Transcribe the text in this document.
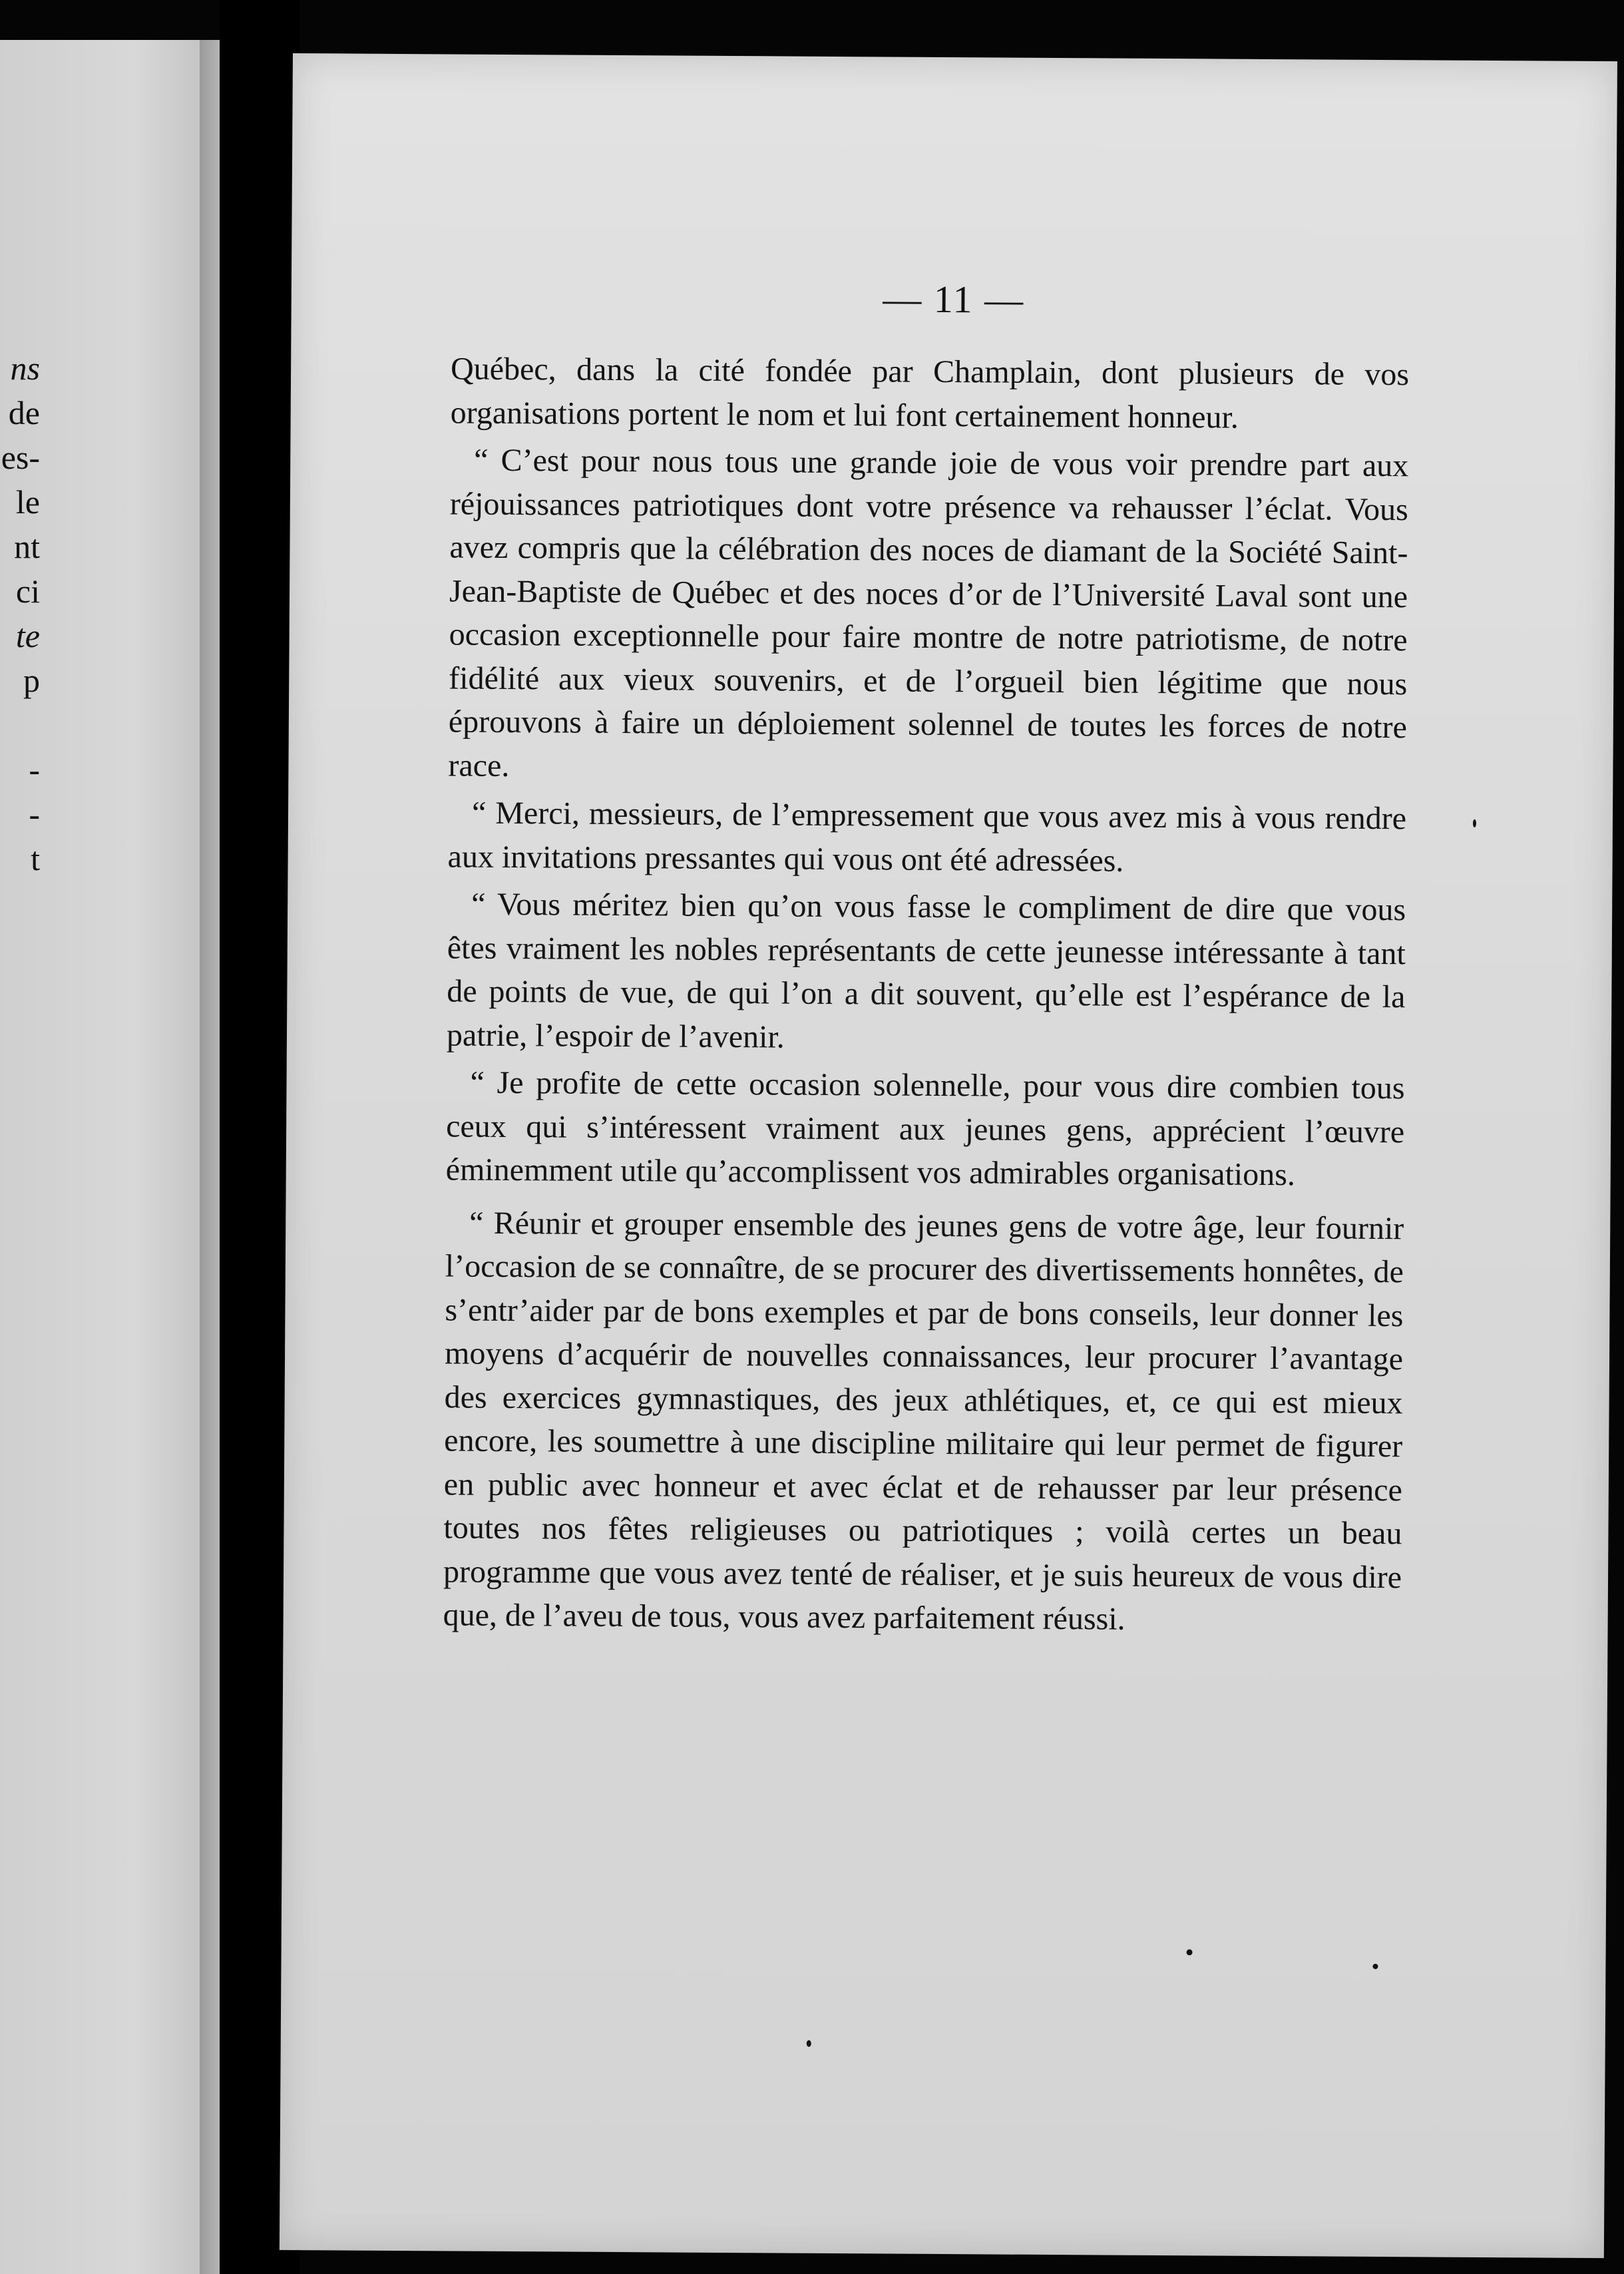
ns
de
es-
le
nt
ci
te
p

-
-
t
— 11 —

Québec, dans la cité fondée par Champlain, dont plusieurs de vos organisations portent le nom et lui font certainement honneur.

“ C’est pour nous tous une grande joie de vous voir prendre part aux réjouissances patriotiques dont votre présence va rehausser l’éclat. Vous avez compris que la célébration des noces de diamant de la Société Saint-Jean-Baptiste de Québec et des noces d’or de l’Université Laval sont une occasion exceptionnelle pour faire montre de notre patriotisme, de notre fidélité aux vieux souvenirs, et de l’orgueil bien légitime que nous éprouvons à faire un déploiement solennel de toutes les forces de notre race.

“ Merci, messieurs, de l’empressement que vous avez mis à vous rendre aux invitations pressantes qui vous ont été adressées.

“ Vous méritez bien qu’on vous fasse le compliment de dire que vous êtes vraiment les nobles représentants de cette jeunesse intéressante à tant de points de vue, de qui l’on a dit souvent, qu’elle est l’espérance de la patrie, l’espoir de l’avenir.

“ Je profite de cette occasion solennelle, pour vous dire combien tous ceux qui s’intéressent vraiment aux jeunes gens, apprécient l’œuvre éminemment utile qu’accomplissent vos admirables organisations.

“ Réunir et grouper ensemble des jeunes gens de votre âge, leur fournir l’occasion de se connaître, de se procurer des divertissements honnêtes, de s’entr’aider par de bons exemples et par de bons conseils, leur donner les moyens d’acquérir de nouvelles connaissances, leur procurer l’avantage des exercices gymnastiques, des jeux athlétiques, et, ce qui est mieux encore, les soumettre à une discipline militaire qui leur permet de figurer en public avec honneur et avec éclat et de rehausser par leur présence toutes nos fêtes religieuses ou patriotiques ; voilà certes un beau programme que vous avez tenté de réaliser, et je suis heureux de vous dire que, de l’aveu de tous, vous avez parfaitement réussi.
